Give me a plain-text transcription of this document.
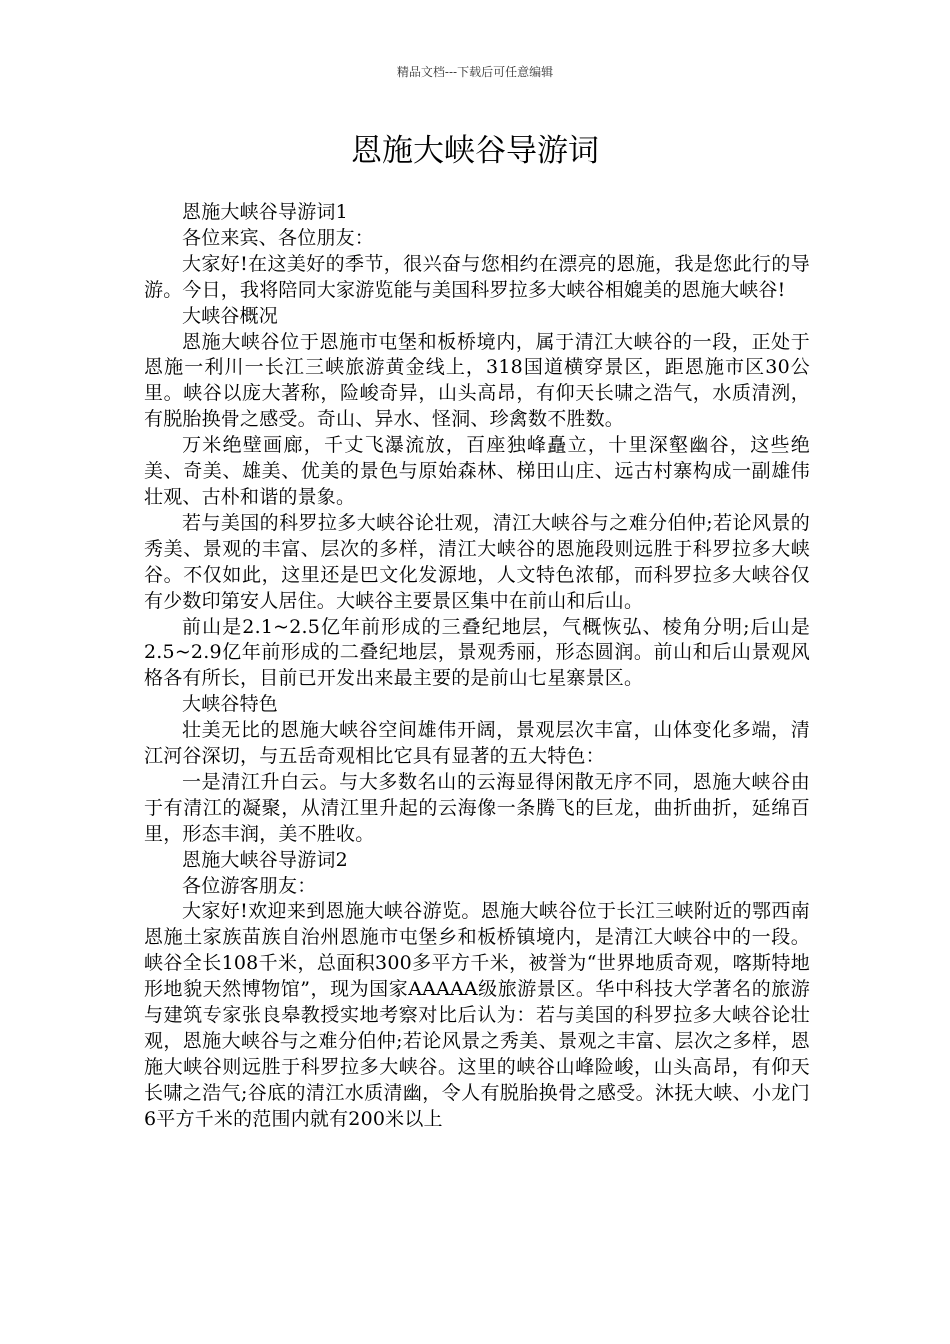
精品文档---下载后可任意编辑
恩施大峡谷导游词

恩施大峡谷导游词1

各位来宾、各位朋友：

大家好!在这美好的季节，很兴奋与您相约在漂亮的恩施，我是您此行的导游。今日，我将陪同大家游览能与美国科罗拉多大峡谷相媲美的恩施大峡谷!

大峡谷概况

恩施大峡谷位于恩施市屯堡和板桥境内，属于清江大峡谷的一段，正处于恩施一利川一长江三峡旅游黄金线上，318国道横穿景区，距恩施市区30公里。峡谷以庞大著称，险峻奇异，山头高昂，有仰天长啸之浩气，水质清洌，有脱胎换骨之感受。奇山、异水、怪洞、珍禽数不胜数。

万米绝壁画廊，千丈飞瀑流放，百座独峰矗立，十里深壑幽谷，这些绝美、奇美、雄美、优美的景色与原始森林、梯田山庄、远古村寨构成一副雄伟壮观、古朴和谐的景象。

若与美国的科罗拉多大峡谷论壮观，清江大峡谷与之难分伯仲;若论风景的秀美、景观的丰富、层次的多样，清江大峡谷的恩施段则远胜于科罗拉多大峡谷。不仅如此，这里还是巴文化发源地，人文特色浓郁，而科罗拉多大峡谷仅有少数印第安人居住。大峡谷主要景区集中在前山和后山。

前山是2.1~2.5亿年前形成的三叠纪地层，气概恢弘、棱角分明;后山是2.5~2.9亿年前形成的二叠纪地层，景观秀丽，形态圆润。前山和后山景观风格各有所长，目前已开发出来最主要的是前山七星寨景区。

大峡谷特色

壮美无比的恩施大峡谷空间雄伟开阔，景观层次丰富，山体变化多端，清江河谷深切，与五岳奇观相比它具有显著的五大特色：

一是清江升白云。与大多数名山的云海显得闲散无序不同，恩施大峡谷由于有清江的凝聚，从清江里升起的云海像一条腾飞的巨龙，曲折曲折，延绵百里，形态丰润，美不胜收。

恩施大峡谷导游词2

各位游客朋友：

大家好!欢迎来到恩施大峡谷游览。恩施大峡谷位于长江三峡附近的鄂西南恩施土家族苗族自治州恩施市屯堡乡和板桥镇境内，是清江大峡谷中的一段。峡谷全长108千米，总面积300多平方千米，被誉为“世界地质奇观，喀斯特地形地貌天然博物馆”，现为国家AAAAA级旅游景区。华中科技大学著名的旅游与建筑专家张良皋教授实地考察对比后认为：若与美国的科罗拉多大峡谷论壮观，恩施大峡谷与之难分伯仲;若论风景之秀美、景观之丰富、层次之多样，恩施大峡谷则远胜于科罗拉多大峡谷。这里的峡谷山峰险峻，山头高昂，有仰天长啸之浩气;谷底的清江水质清幽，令人有脱胎换骨之感受。沐抚大峡、小龙门6平方千米的范围内就有200米以上
